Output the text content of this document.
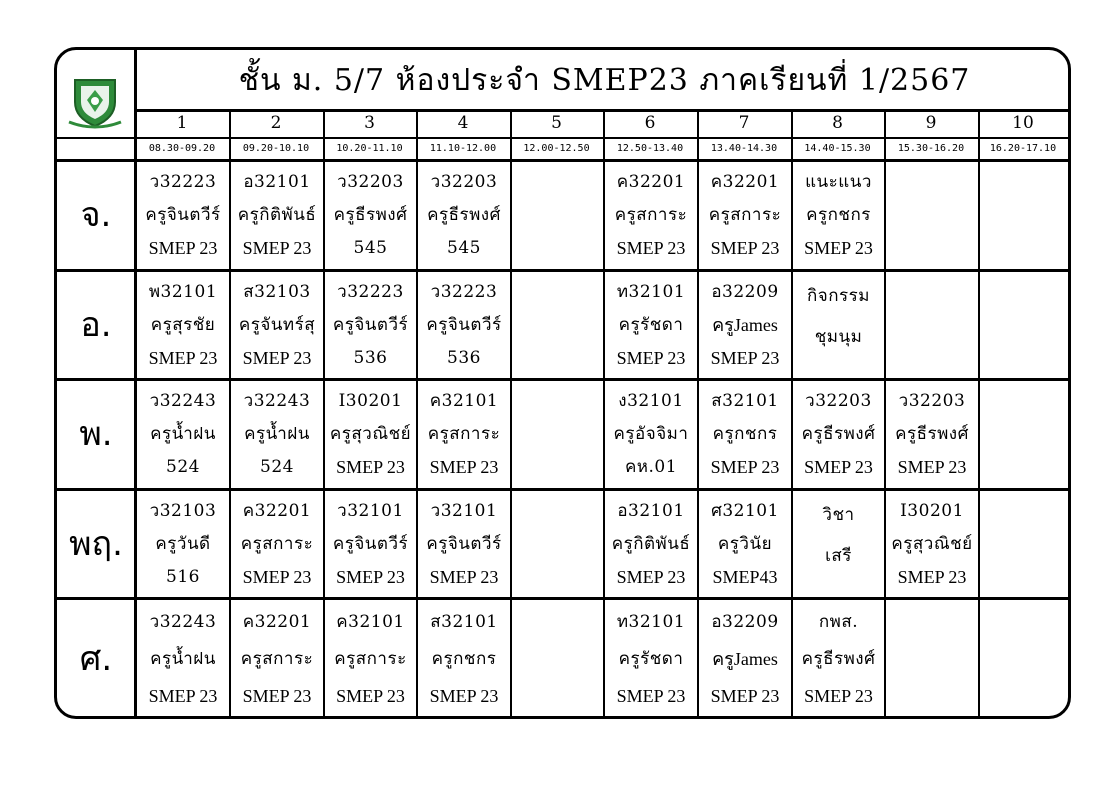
ชั้น ม. 5/7 ห้องประจำ SMEP23 ภาคเรียนที่ 1/2567
1
08.30-09.20
2
09.20-10.10
3
10.20-11.10
4
11.10-12.00
5
12.00-12.50
6
12.50-13.40
7
13.40-14.30
8
14.40-15.30
9
15.30-16.20
10
16.20-17.10
จ.
ว32223
ครูจินตวีร์
SMEP 23
อ32101
ครูกิติพันธ์
SMEP 23
ว32203
ครูธีรพงศ์
545
ว32203
ครูธีรพงศ์
545
ค32201
ครูสการะ
SMEP 23
ค32201
ครูสการะ
SMEP 23
แนะแนว
ครูกชกร
SMEP 23
อ.
พ32101
ครูสุรชัย
SMEP 23
ส32103
ครูจันทร์สุ
SMEP 23
ว32223
ครูจินตวีร์
536
ว32223
ครูจินตวีร์
536
ท32101
ครูรัชดา
SMEP 23
อ32209
ครูJames
SMEP 23
กิจกรรม
ชุมนุม
พ.
ว32243
ครูน้ำฝน
524
ว32243
ครูน้ำฝน
524
I30201
ครูสุวณิชย์
SMEP 23
ค32101
ครูสการะ
SMEP 23
ง32101
ครูอัจจิมา
คห.01
ส32101
ครูกชกร
SMEP 23
ว32203
ครูธีรพงศ์
SMEP 23
ว32203
ครูธีรพงศ์
SMEP 23
พฤ.
ว32103
ครูวันดี
516
ค32201
ครูสการะ
SMEP 23
ว32101
ครูจินตวีร์
SMEP 23
ว32101
ครูจินตวีร์
SMEP 23
อ32101
ครูกิติพันธ์
SMEP 23
ศ32101
ครูวินัย
SMEP43
วิชา
เสรี
I30201
ครูสุวณิชย์
SMEP 23
ศ.
ว32243
ครูน้ำฝน
SMEP 23
ค32201
ครูสการะ
SMEP 23
ค32101
ครูสการะ
SMEP 23
ส32101
ครูกชกร
SMEP 23
ท32101
ครูรัชดา
SMEP 23
อ32209
ครูJames
SMEP 23
กพส.
ครูธีรพงศ์
SMEP 23
